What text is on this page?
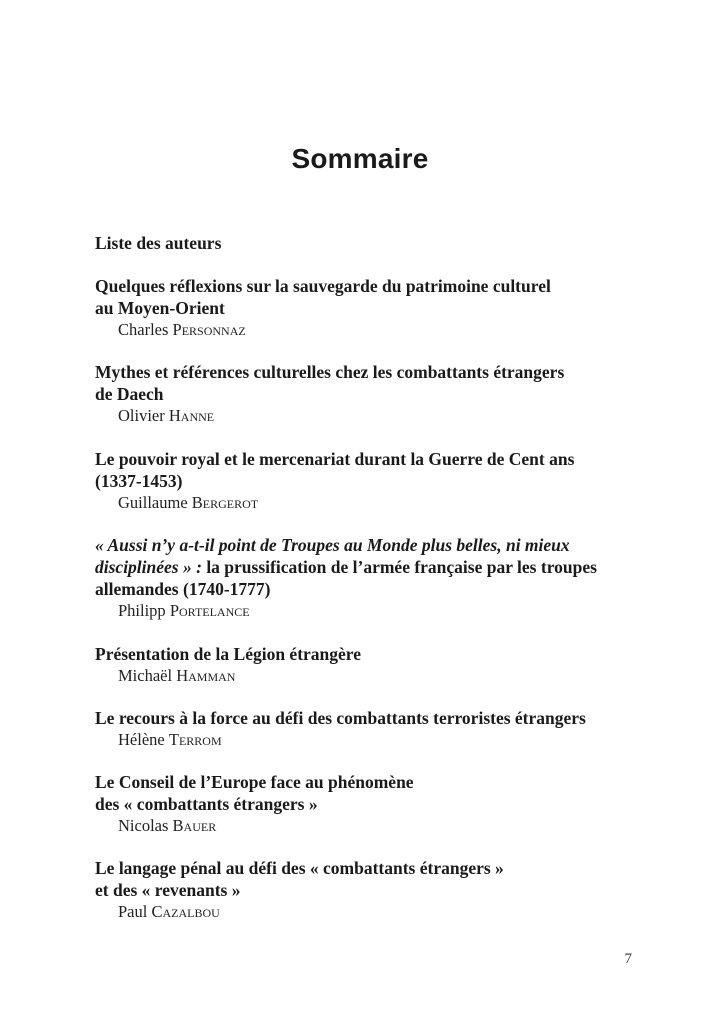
Sommaire
Liste des auteurs
Quelques réflexions sur la sauvegarde du patrimoine culturel
au Moyen-Orient
Charles Personnaz
Mythes et références culturelles chez les combattants étrangers
de Daech
Olivier Hanne
Le pouvoir royal et le mercenariat durant la Guerre de Cent ans
(1337-1453)
Guillaume Bergerot
« Aussi n’y a-t-il point de Troupes au Monde plus belles, ni mieux
disciplinées » : la prussification de l’armée française par les troupes
allemandes (1740-1777)
Philipp Portelance
Présentation de la Légion étrangère
Michaël Hamman
Le recours à la force au défi des combattants terroristes étrangers
Hélène Terrom
Le Conseil de l’Europe face au phénomène
des « combattants étrangers »
Nicolas Bauer
Le langage pénal au défi des « combattants étrangers »
et des « revenants »
Paul Cazalbou
7
